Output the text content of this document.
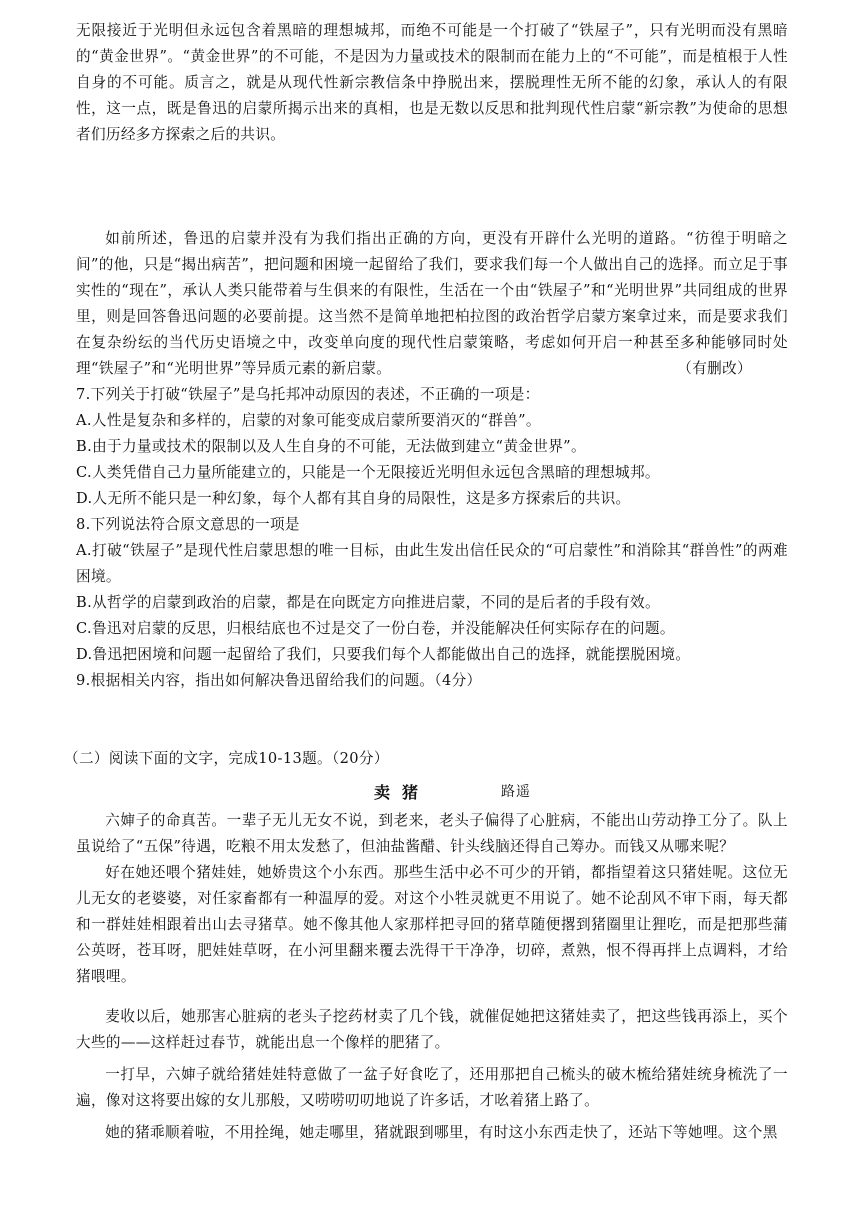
无限接近于光明但永远包含着黑暗的理想城邦，而绝不可能是一个打破了“铁屋子”，只有光明而没有黑暗的“黄金世界”。“黄金世界”的不可能，不是因为力量或技术的限制而在能力上的“不可能”，而是植根于人性自身的不可能。质言之，就是从现代性新宗教信条中挣脱出来，摆脱理性无所不能的幻象，承认人的有限性，这一点，既是鲁迅的启蒙所揭示出来的真相，也是无数以反思和批判现代性启蒙“新宗教”为使命的思想者们历经多方探索之后的共识。

如前所述，鲁迅的启蒙并没有为我们指出正确的方向，更没有开辟什么光明的道路。“彷徨于明暗之间”的他，只是“揭出病苦”，把问题和困境一起留给了我们，要求我们每一个人做出自己的选择。而立足于事实性的“现在”，承认人类只能带着与生俱来的有限性，生活在一个由“铁屋子”和“光明世界”共同组成的世界里，则是回答鲁迅问题的必要前提。这当然不是简单地把柏拉图的政治哲学启蒙方案拿过来，而是要求我们在复杂纷纭的当代历史语境之中，改变单向度的现代性启蒙策略，考虑如何开启一种甚至多种能够同时处理“铁屋子”和“光明世界”等异质元素的新启蒙。	（有删改）
7.下列关于打破“铁屋子”是乌托邦冲动原因的表述，不正确的一项是：
A.人性是复杂和多样的，启蒙的对象可能变成启蒙所要消灭的“群兽”。
B.由于力量或技术的限制以及人生自身的不可能，无法做到建立“黄金世界”。
C.人类凭借自己力量所能建立的，只能是一个无限接近光明但永远包含黑暗的理想城邦。
D.人无所不能只是一种幻象，每个人都有其自身的局限性，这是多方探索后的共识。
8.下列说法符合原文意思的一项是

A.打破“铁屋子”是现代性启蒙思想的唯一目标，由此生发出信任民众的“可启蒙性”和消除其“群兽性”的两难困境。

B.从哲学的启蒙到政治的启蒙，都是在向既定方向推进启蒙，不同的是后者的手段有效。
C.鲁迅对启蒙的反思，归根结底也不过是交了一份白卷，并没能解决任何实际存在的问题。
D.鲁迅把困境和问题一起留给了我们，只要我们每个人都能做出自己的选择，就能摆脱困境。
9.根据相关内容，指出如何解决鲁迅留给我们的问题。（4分）
（二）阅读下面的文字，完成10-13题。（20分）
卖猪	路遥

六婶子的命真苦。一辈子无儿无女不说，到老来，老头子偏得了心脏病，不能出山劳动挣工分了。队上虽说给了“五保”待遇，吃粮不用太发愁了，但油盐酱醋、针头线脑还得自己筹办。而钱又从哪来呢？

好在她还喂个猪娃娃，她娇贵这个小东西。那些生活中必不可少的开销，都指望着这只猪娃呢。这位无儿无女的老婆婆，对任家畜都有一种温厚的爱。对这个小牲灵就更不用说了。她不论刮风不审下雨，每天都和一群娃娃相跟着出山去寻猪草。她不像其他人家那样把寻回的猪草随便撂到猪圈里让狸吃，而是把那些蒲公英呀，苍耳呀，肥娃娃草呀，在小河里翻来覆去洗得干干净净，切碎，煮熟，恨不得再拌上点调料，才给猪喂哩。

麦收以后，她那害心脏病的老头子挖药材卖了几个钱，就催促她把这猪娃卖了，把这些钱再添上，买个大些的——这样赶过春节，就能出息一个像样的肥猪了。

一打早，六婶子就给猪娃娃特意做了一盆子好食吃了，还用那把自己梳头的破木梳给猪娃统身梳洗了一遍，像对这将要出嫁的女儿那般，又唠唠叨叨地说了许多话，才吆着猪上路了。

她的猪乖顺着啦，不用拴绳，她走哪里，猪就跟到哪里，有时这小东西走快了，还站下等她哩。这个黑
